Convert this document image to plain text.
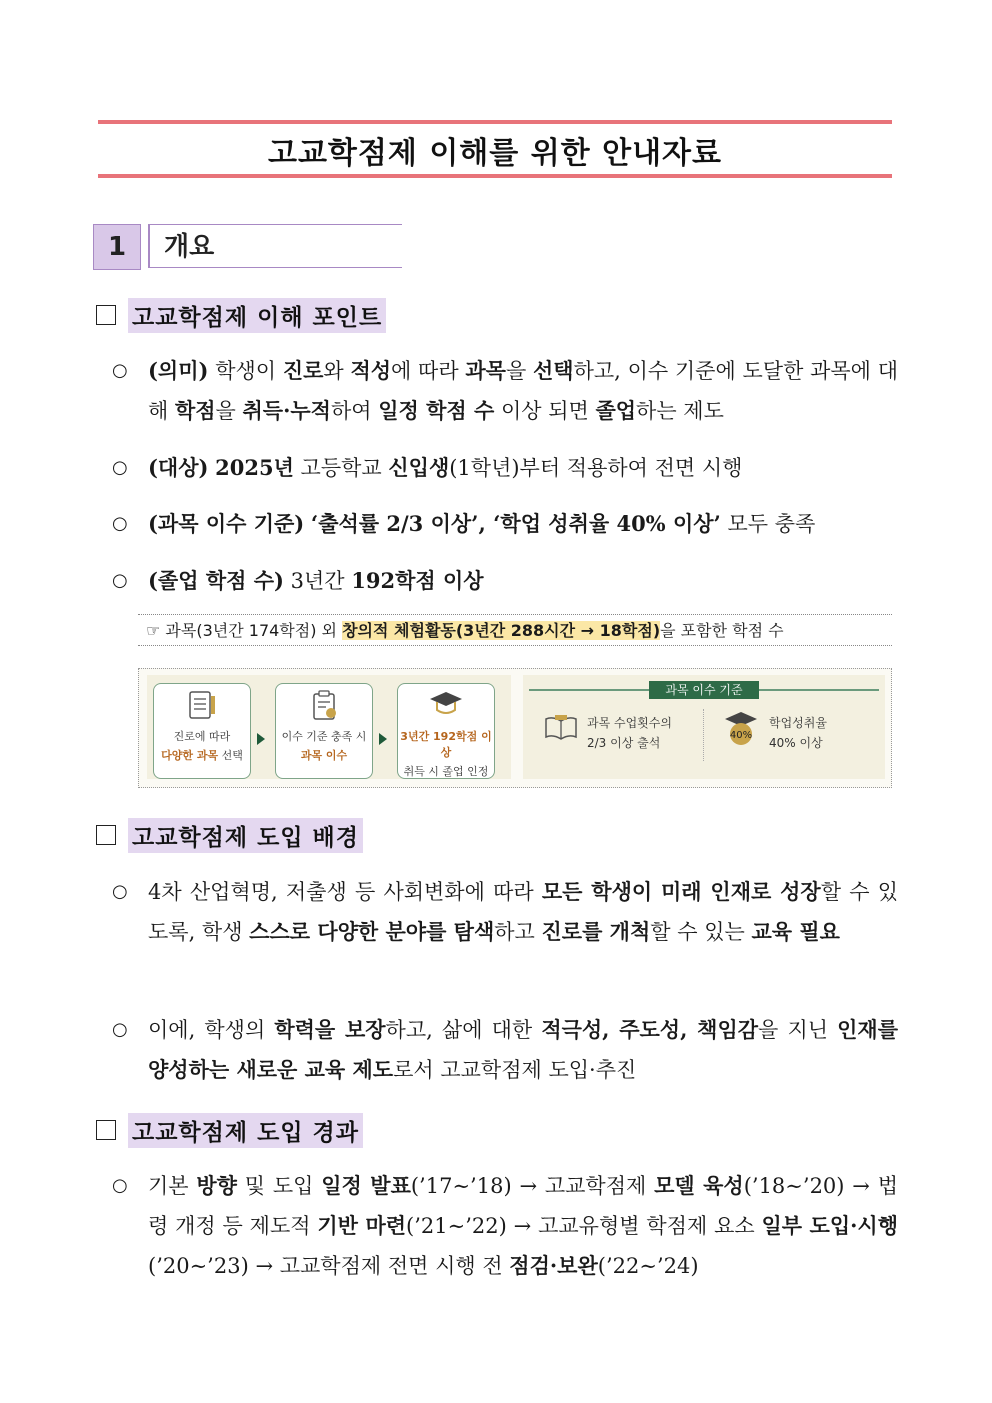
고교학점제 이해를 위한 안내자료
1	개요
고교학점제 이해 포인트
○ (의미) 학생이 진로와 적성에 따라 과목을 선택하고, 이수 기준에 도달한 과목에 대해 학점을 취득·누적하여 일정 학점 수 이상 되면 졸업하는 제도
○ (대상) 2025년 고등학교 신입생(1학년)부터 적용하여 전면 시행
○ (과목 이수 기준) ‘출석률 2/3 이상’, ‘학업 성취율 40% 이상’ 모두 충족
○ (졸업 학점 수) 3년간 192학점 이상
☞ 과목(3년간 174학점) 외 창의적 체험활동(3년간 288시간 → 18학점)을 포함한 학점 수
진로에 따라
다양한 과목 선택
이수 기준 충족 시
과목 이수
3년간 192학점 이상
취득 시 졸업 인정
과목 이수 기준
과목 수업횟수의
2/3 이상 출석
40%
학업성취율
40% 이상
고교학점제 도입 배경
○ 4차 산업혁명, 저출생 등 사회변화에 따라 모든 학생이 미래 인재로 성장할 수 있도록, 학생 스스로 다양한 분야를 탐색하고 진로를 개척할 수 있는 교육 필요
○ 이에, 학생의 학력을 보장하고, 삶에 대한 적극성, 주도성, 책임감을 지닌 인재를 양성하는 새로운 교육 제도로서 고교학점제 도입·추진
고교학점제 도입 경과
○ 기본 방향 및 도입 일정 발표(’17∼’18) → 고교학점제 모델 육성(’18∼’20) → 법령 개정 등 제도적 기반 마련(’21∼’22) → 고교유형별 학점제 요소 일부 도입·시행(’20∼’23) → 고교학점제 전면 시행 전 점검·보완(’22∼’24)
